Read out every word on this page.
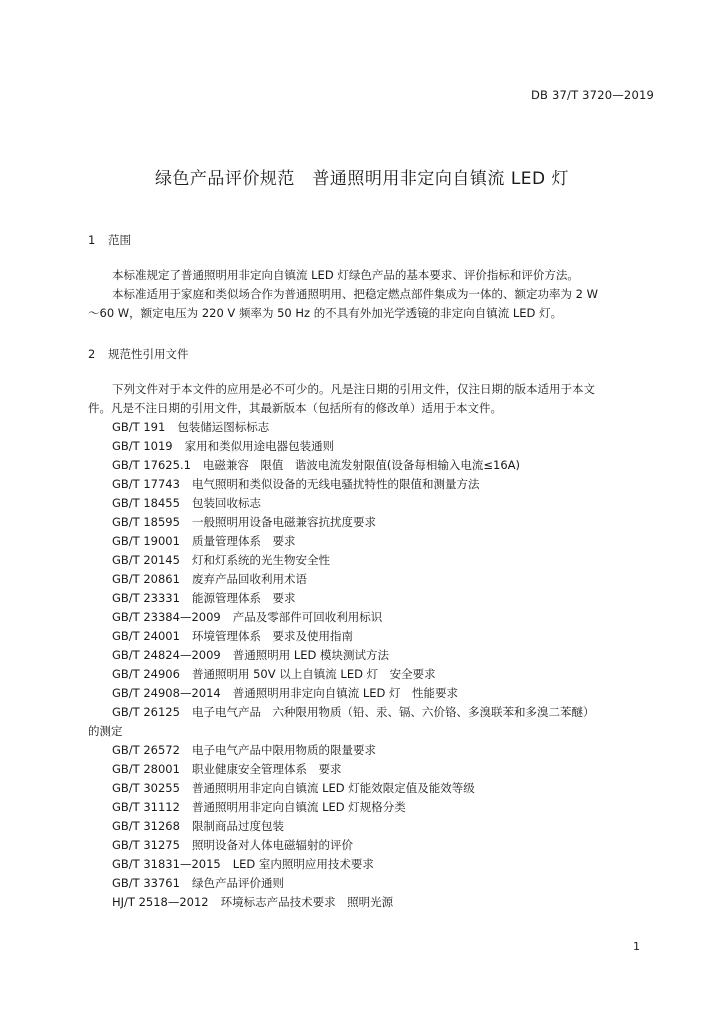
DB 37/T 3720—2019
绿色产品评价规范　普通照明用非定向自镇流 LED 灯
1 范围
本标准规定了普通照明用非定向自镇流 LED 灯绿色产品的基本要求、评价指标和评价方法。
本标准适用于家庭和类似场合作为普通照明用、把稳定燃点部件集成为一体的、额定功率为 2 W
～60 W，额定电压为 220 V 频率为 50 Hz 的不具有外加光学透镜的非定向自镇流 LED 灯。
2 规范性引用文件
下列文件对于本文件的应用是必不可少的。凡是注日期的引用文件，仅注日期的版本适用于本文
件。凡是不注日期的引用文件，其最新版本（包括所有的修改单）适用于本文件。
GB/T 191 包装储运图标标志
GB/T 1019 家用和类似用途电器包装通则
GB/T 17625.1 电磁兼容　限值　谐波电流发射限值(设备每相输入电流≤16A)
GB/T 17743 电气照明和类似设备的无线电骚扰特性的限值和测量方法
GB/T 18455 包装回收标志
GB/T 18595 一般照明用设备电磁兼容抗扰度要求
GB/T 19001 质量管理体系　要求
GB/T 20145 灯和灯系统的光生物安全性
GB/T 20861 废弃产品回收利用术语
GB/T 23331 能源管理体系　要求
GB/T 23384—2009 产品及零部件可回收利用标识
GB/T 24001 环境管理体系　要求及使用指南
GB/T 24824—2009 普通照明用 LED 模块测试方法
GB/T 24906 普通照明用 50V 以上自镇流 LED 灯　安全要求
GB/T 24908—2014 普通照明用非定向自镇流 LED 灯　性能要求
GB/T 26125 电子电气产品　六种限用物质（铅、汞、镉、六价铬、多溴联苯和多溴二苯醚）
的测定
GB/T 26572 电子电气产品中限用物质的限量要求
GB/T 28001 职业健康安全管理体系　要求
GB/T 30255 普通照明用非定向自镇流 LED 灯能效限定值及能效等级
GB/T 31112 普通照明用非定向自镇流 LED 灯规格分类
GB/T 31268 限制商品过度包装
GB/T 31275 照明设备对人体电磁辐射的评价
GB/T 31831—2015 LED 室内照明应用技术要求
GB/T 33761 绿色产品评价通则
HJ/T 2518—2012 环境标志产品技术要求　照明光源
1
